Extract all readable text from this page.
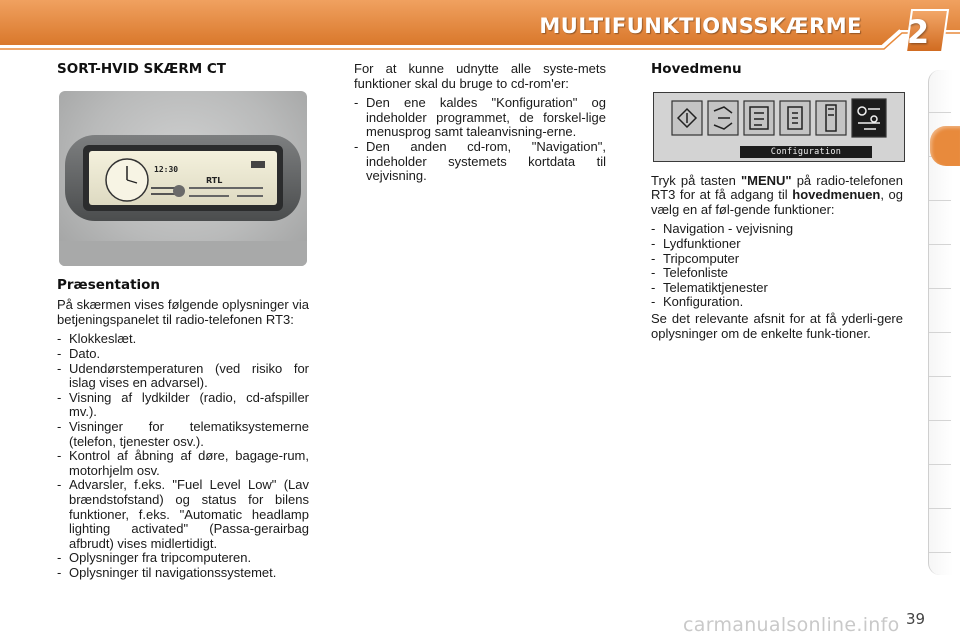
MULTIFUNKTIONSSKÆRME 2
SORT-HVID SKÆRM CT
12:30
RTL
Præsentation

På skærmen vises følgende oplysninger via betjeningspanelet til radio-telefonen RT3:

- Klokkeslæt.
- Dato.
- Udendørstemperaturen (ved risiko for islag vises en advarsel).
- Visning af lydkilder (radio, cd-afspiller mv.).
- Visninger for telematiksystemerne (telefon, tjenester osv.).
- Kontrol af åbning af døre, bagage-rum, motorhjelm osv.
- Advarsler, f.eks. "Fuel Level Low" (Lav brændstofstand) og status for bilens funktioner, f.eks. "Automatic headlamp lighting activated" (Passa-gerairbag afbrudt) vises midlertidigt.
- Oplysninger fra tripcomputeren.
- Oplysninger til navigationssystemet.

For at kunne udnytte alle syste-mets funktioner skal du bruge to cd-rom'er:

- Den ene kaldes "Konfiguration" og indeholder programmet, de forskel-lige menusprog samt taleanvisning-erne.
- Den anden cd-rom, "Navigation", indeholder systemets kortdata til vejvisning.
Hovedmenu
Configuration

Tryk på tasten "MENU" på radio-telefonen RT3 for at få adgang til hovedmenuen, og vælg en af føl-gende funktioner:

- Navigation - vejvisning
- Lydfunktioner
- Tripcomputer
- Telefonliste
- Telematiktjenester
- Konfiguration.

Se det relevante afsnit for at få yderli-gere oplysninger om de enkelte funk-tioner.

carmanualsonline.info 39
